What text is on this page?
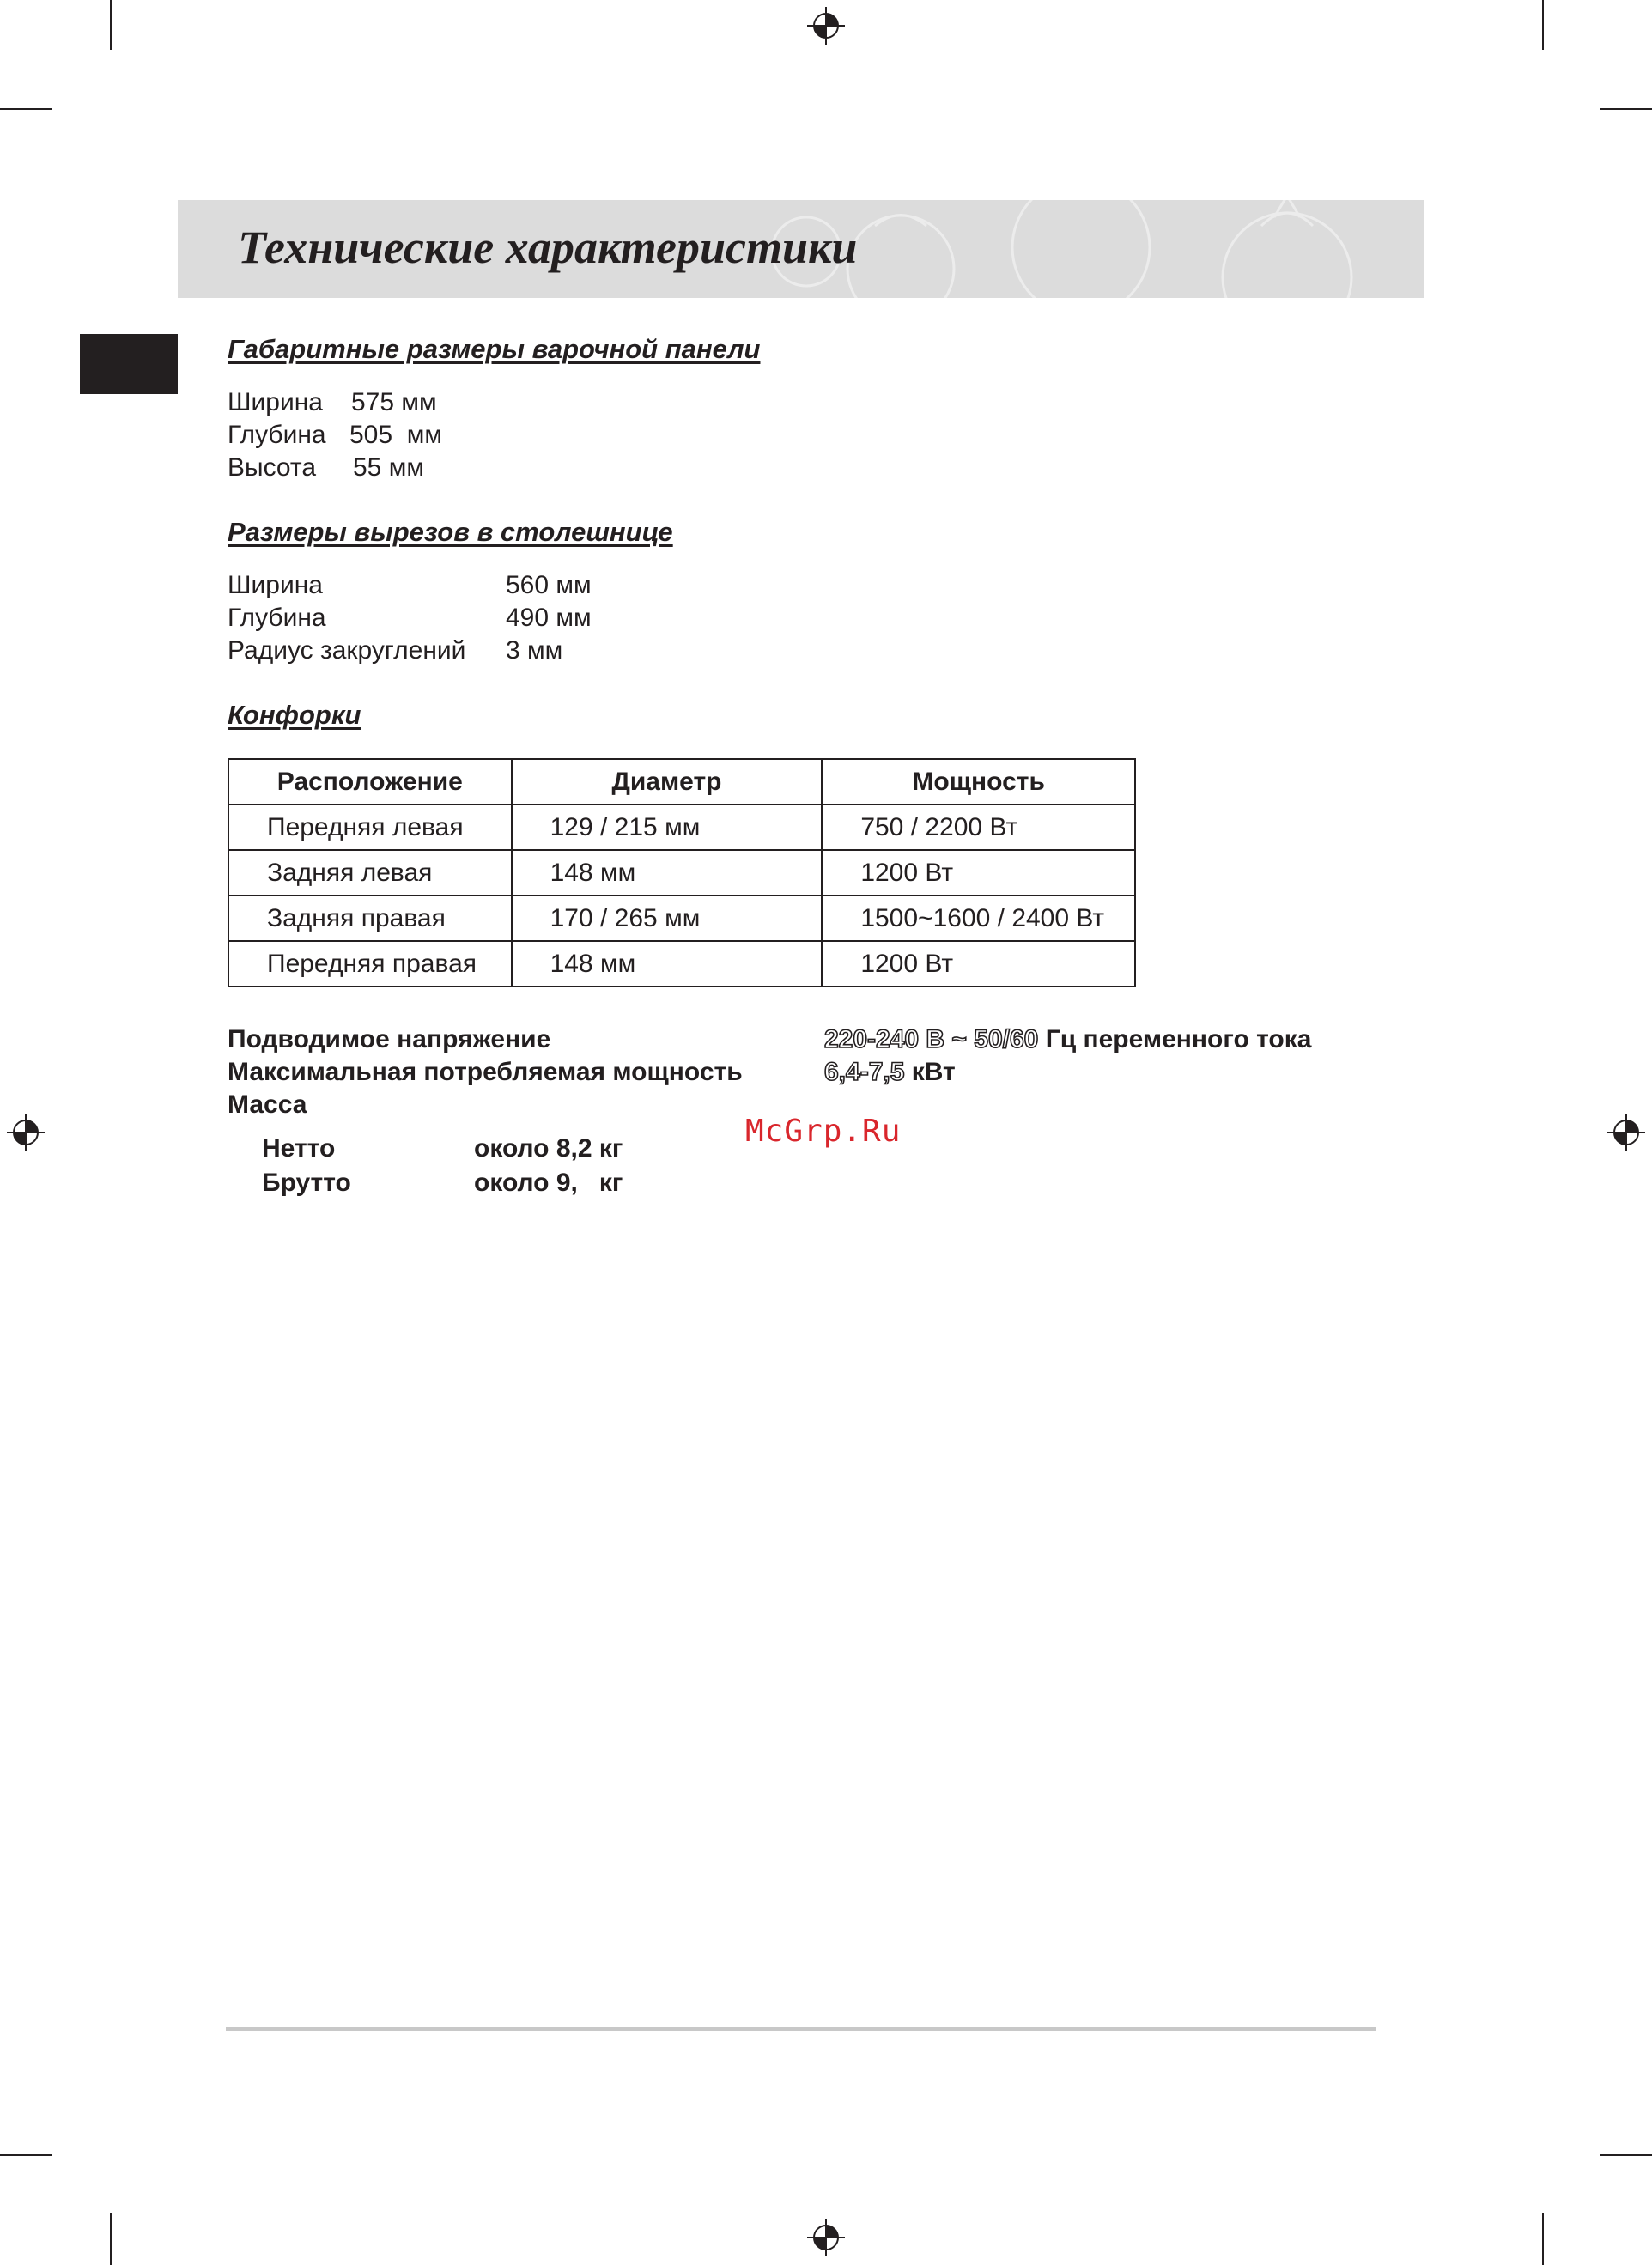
Технические характеристики
Габаритные размеры варочной панели
Ширина 575 мм
Глубина 505  мм
Высота 55 мм
Размеры вырезов в столешнице
Ширина	560 мм
Глубина	490 мм
Радиус закруглений 3 мм
Конфорки
Расположение	Диаметр	Мощность
Передняя левая	129 / 215 мм	750 / 2200 Вт
Задняя левая	148 мм	1200 Вт
Задняя правая	170 / 265 мм	1500~1600 / 2400 Вт
Передняя правая	148 мм	1200 Вт
Подводимое напряжение	220-240 В ~ 50/60 Гц переменного тока
Максимальная потребляемая мощность	6,4-7,5 кВт
Масса
Нетто	около 8,2 кг
Брутто	около 9,   кг
McGrp.Ru
